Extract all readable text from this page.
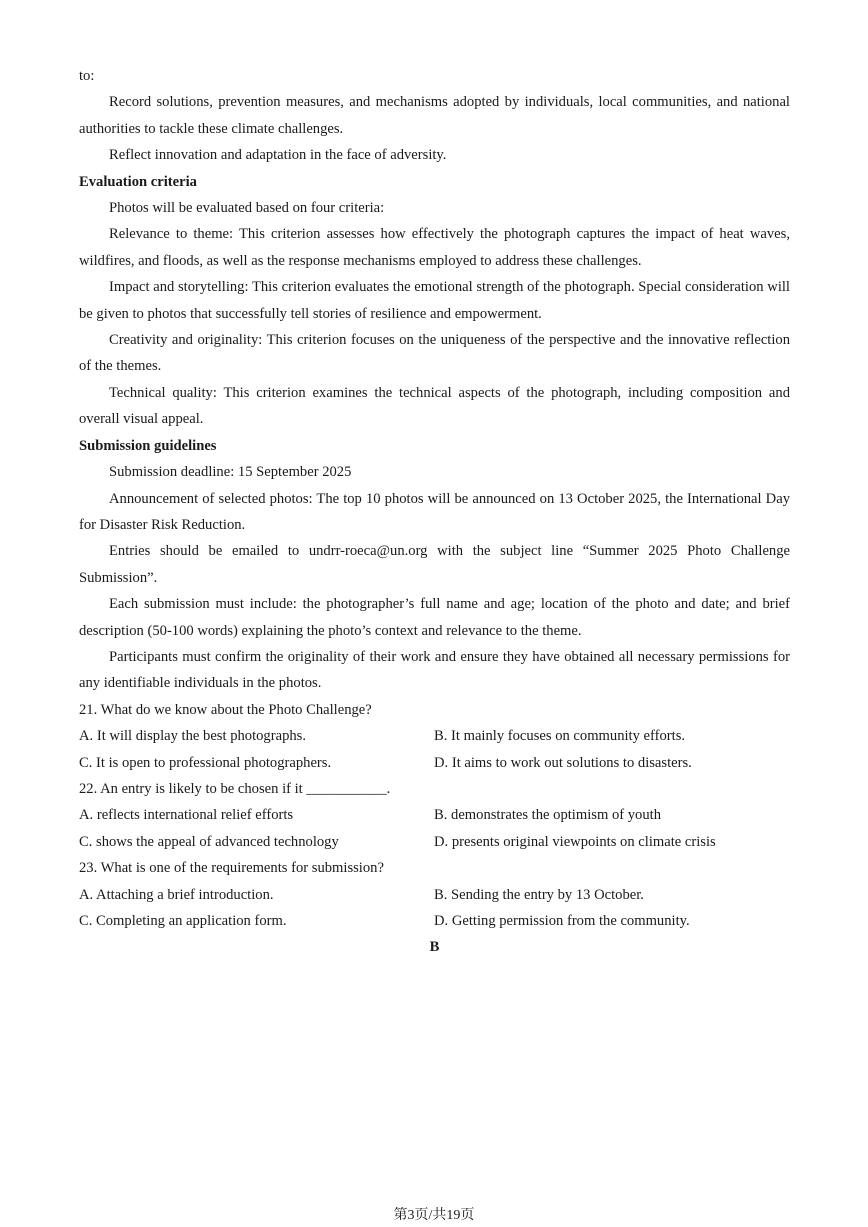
to:

Record solutions, prevention measures, and mechanisms adopted by individuals, local communities, and national authorities to tackle these climate challenges.

Reflect innovation and adaptation in the face of adversity.

Evaluation criteria

Photos will be evaluated based on four criteria:

Relevance to theme: This criterion assesses how effectively the photograph captures the impact of heat waves, wildfires, and floods, as well as the response mechanisms employed to address these challenges.

Impact and storytelling: This criterion evaluates the emotional strength of the photograph. Special consideration will be given to photos that successfully tell stories of resilience and empowerment.

Creativity and originality: This criterion focuses on the uniqueness of the perspective and the innovative reflection of the themes.

Technical quality: This criterion examines the technical aspects of the photograph, including composition and overall visual appeal.

Submission guidelines

Submission deadline: 15 September 2025

Announcement of selected photos: The top 10 photos will be announced on 13 October 2025, the International Day for Disaster Risk Reduction.

Entries should be emailed to undrr-roeca@un.org with the subject line “Summer 2025 Photo Challenge Submission”.

Each submission must include: the photographer’s full name and age; location of the photo and date; and brief description (50-100 words) explaining the photo’s context and relevance to the theme.

Participants must confirm the originality of their work and ensure they have obtained all necessary permissions for any identifiable individuals in the photos.

21. What do we know about the Photo Challenge?

A. It will display the best photographs.	B. It mainly focuses on community efforts.
C. It is open to professional photographers.	D. It aims to work out solutions to disasters.

22. An entry is likely to be chosen if it ___________.

A. reflects international relief efforts	B. demonstrates the optimism of youth
C. shows the appeal of advanced technology	D. presents original viewpoints on climate crisis

23. What is one of the requirements for submission?

A. Attaching a brief introduction.	B. Sending the entry by 13 October.
C. Completing an application form.	D. Getting permission from the community.

B

第3页/共19页
